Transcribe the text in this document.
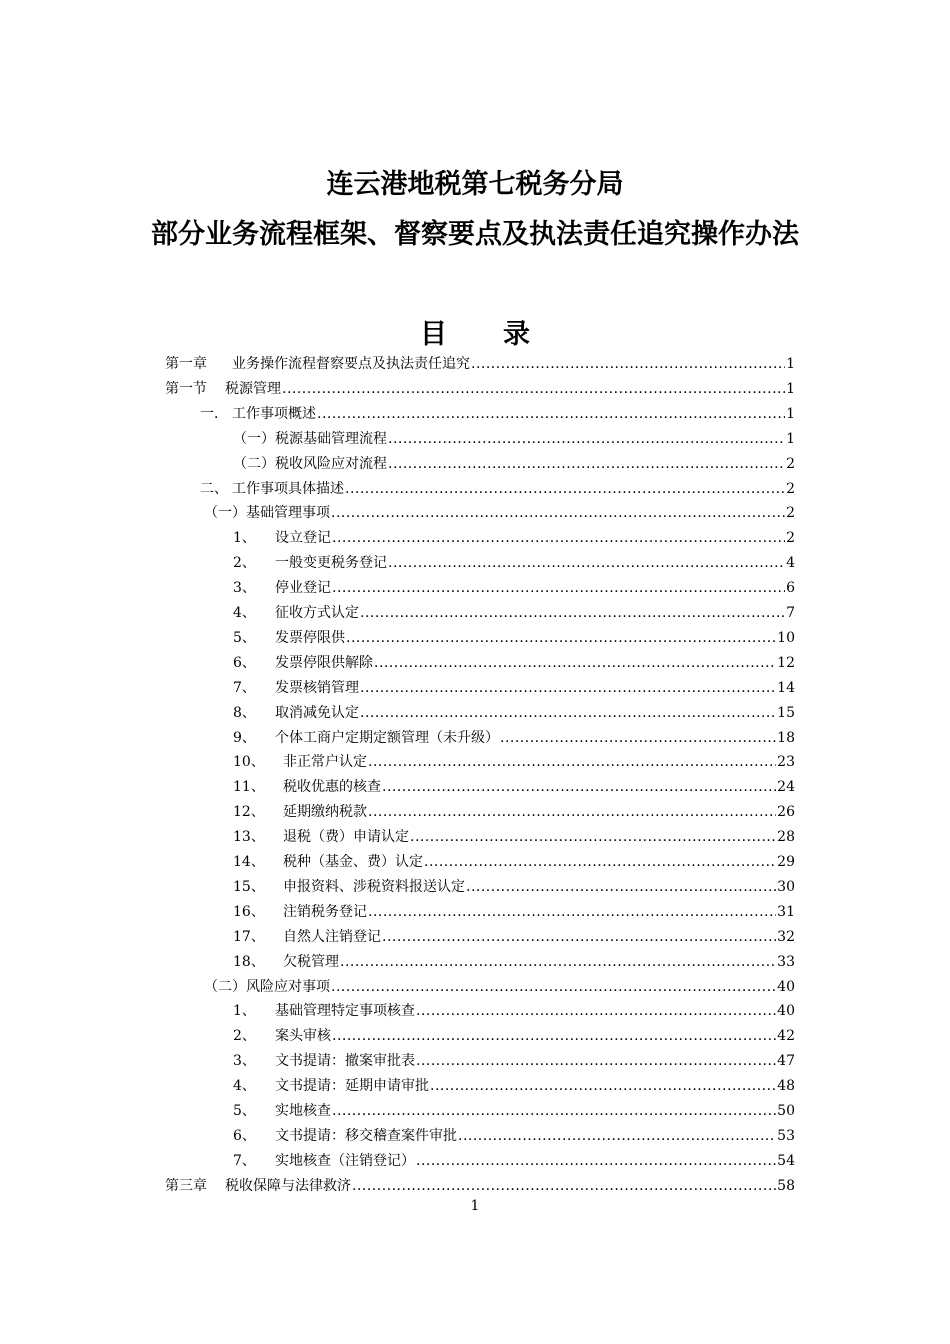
连云港地税第七税务分局
部分业务流程框架、督察要点及执法责任追究操作办法
目录
第一章　 业务操作流程督察要点及执法责任追究 .....	1
第一节 税源管理 .....	1
一． 工作事项概述 .....	1
（一） 税源基础管理流程 .....	1
（二） 税收风险应对流程 .....	2
二、 工作事项具体描述 .....	2
（一） 基础管理事项 .....	2
1、	设立登记 .....	2
2、	一般变更税务登记 .....	4
3、	停业登记 .....	6
4、	征收方式认定 .....	7
5、	发票停限供 .....	10
6、	发票停限供解除 .....	12
7、	发票核销管理 .....	14
8、	取消减免认定 .....	15
9、	个体工商户定期定额管理（未升级） .....	18
10、	非正常户认定 .....	23
11、	税收优惠的核查 .....	24
12、	延期缴纳税款 .....	26
13、	退税（费）申请认定 .....	28
14、	税种（基金、费）认定 .....	29
15、	申报资料、涉税资料报送认定 .....	30
16、	注销税务登记 .....	31
17、	自然人注销登记 .....	32
18、	欠税管理 .....	33
（二） 风险应对事项 .....	40
1、	基础管理特定事项核查 .....	40
2、	案头审核 .....	42
3、	文书提请：撤案审批表 .....	47
4、	文书提请：延期申请审批 .....	48
5、	实地核查 .....	50
6、	文书提请：移交稽查案件审批 .....	53
7、	实地核查（注销登记） .....	54
第三章 税收保障与法律救济 .....	58
1
